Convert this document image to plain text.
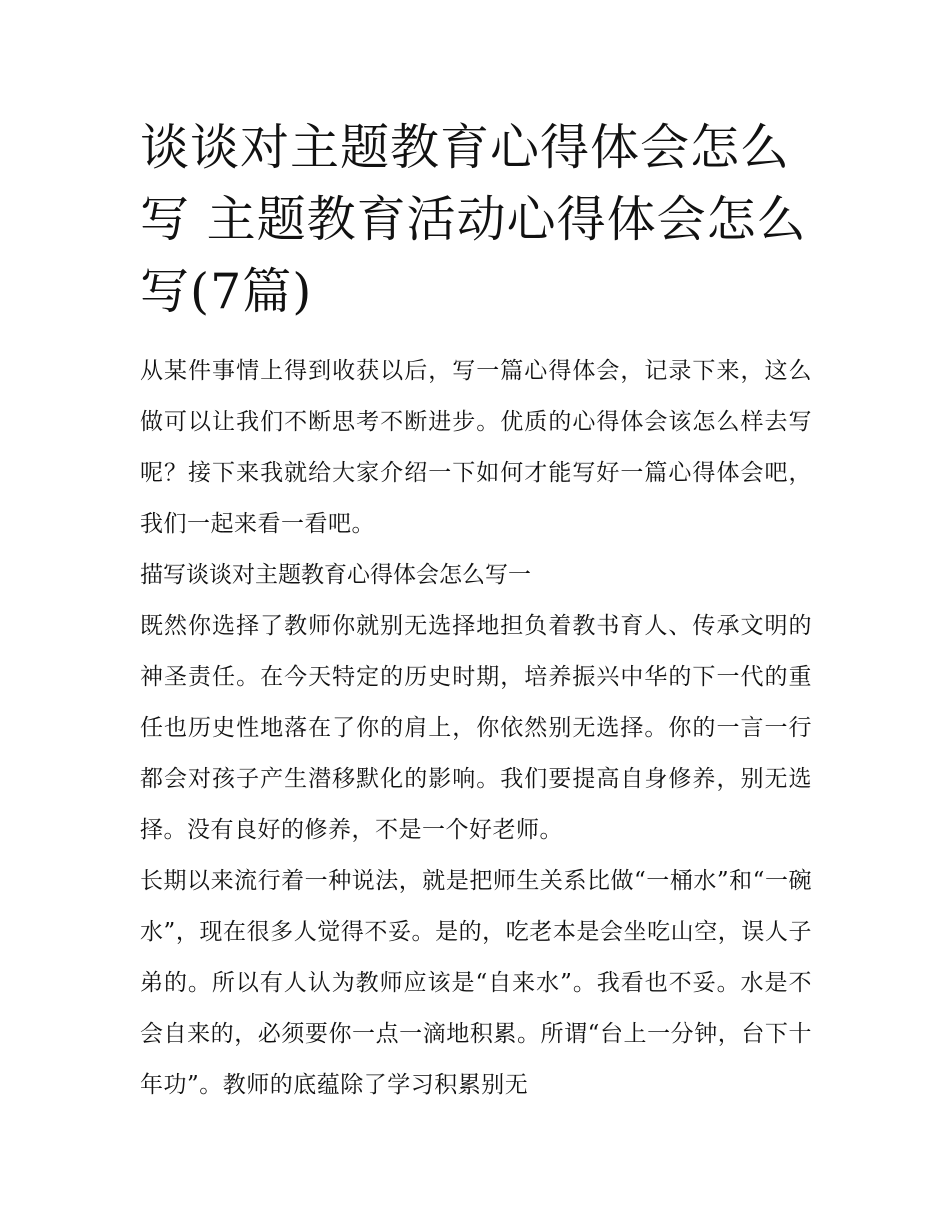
谈谈对主题教育心得体会怎么写 主题教育活动心得体会怎么写(7篇)

从某件事情上得到收获以后，写一篇心得体会，记录下来，这么做可以让我们不断思考不断进步。优质的心得体会该怎么样去写呢？接下来我就给大家介绍一下如何才能写好一篇心得体会吧，我们一起来看一看吧。

描写谈谈对主题教育心得体会怎么写一

既然你选择了教师你就别无选择地担负着教书育人、传承文明的神圣责任。在今天特定的历史时期，培养振兴中华的下一代的重任也历史性地落在了你的肩上，你依然别无选择。你的一言一行都会对孩子产生潜移默化的影响。我们要提高自身修养，别无选择。没有良好的修养，不是一个好老师。

长期以来流行着一种说法，就是把师生关系比做“一桶水”和“一碗水”，现在很多人觉得不妥。是的，吃老本是会坐吃山空，误人子弟的。所以有人认为教师应该是“自来水”。我看也不妥。水是不会自来的，必须要你一点一滴地积累。所谓“台上一分钟，台下十年功”。教师的底蕴除了学习积累别无
